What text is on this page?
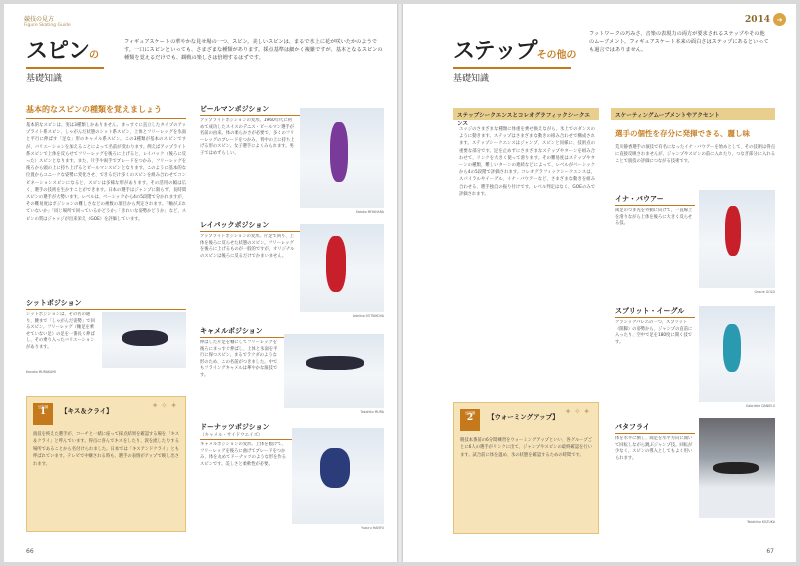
競技の見方
Figure Skating Guide
スピンの
基礎知識
フィギュアスケートの華やかな見せ場の一つ、スピン。美しいスピンは、まるで氷上に花が咲いたかのようです。一口にスピンといっても、さまざまな種類があります。採点基準は細かく複雑ですが、基本となるスピンの種類を覚えるだけでも、観戦の楽しさは倍増するはずです。
基本的なスピンの種類を覚えましょう
基本的なスピンは、実は3種類しかありません。まっすぐに直立したタイプのアップライト系スピン、しゃがんだ状態のシット系スピン、上体とフリーレッグを氷面と平行に伸ばす「足な」形のキャメル系スピン。この3種類が基本のスピンですが、バリエーションを加えることによって名前が変わります。例えばアップライト系スピンで上体を反らせてフリーレッグを後ろに上げると、レイバック（後ろに反った）スピンとなります。また、片手や両手でブレードをつかみ、フリーレッグを後ろから頭の上に持ち上げるとビールマンスピンとなります。このように基本的な位置からユニークな姿勢に変化させ、できるだけ多くのスピンを組み合わせてコンビネーションスピンになると、スピンは多様な形があります。その活用の幅は広く、選手の技術を生かすことができます。日本の選手はジャンプに限らず、長時間スピンの選手が大勢います。レベルは、ベーシックから4の5段階で分かれますが、その難易度はポジションの難しさなどの複数の項目から判定されます。「軸がぶれていないか」「同じ場所で回っているかどうか」「きれいな姿勢かどうか」など、スピンの質はジャッジが出来栄え（GOE）を評価しています。
シットポジション
シットポジションは、その名の通り、腰まで「しゃがんだ姿勢」で回るスピン。フリーレッグ（軸足を乗せていない足）の足を一番長く伸ばし、その乗り入ったバリエーションがあります。
Kanako MURAKAMI
✦ ✧ ✦
豆知識
1	【キス＆クライ】
演技を終えた選手が、コーチと一緒に座って採点結果を確認する場を「キス＆クライ」と呼んでいます。得点に喜んでキスをしたり、涙を流したりする場所であることから名付けられました。日本では「キスアンドクライ」とも呼ばれています。テレビで中継される時も、選手の表情がアップで映し出されます。
ビールマンポジション
アップライトポジションの変形。1960年代に初めて成功したスイスのデニス・ビールマン選手が名前の由来。体の柔らかさが必要で、多くのフリーレッグのブレードをつかみ、背中の上に持ち上げる形のスピン。女子選手によくみられます。男子ではめずらしい。
Satoko MIYAHARA
レイバックポジション
アップライトポジションの変形。片足で回り、上体を後ろに反らせた状態のスピン。フリーレッグを後ろに上げるものが一般的ですが、オリジナルのスピンは後ろに反るだけでかまいません。
Adelina SOTNIKOVA
キャメルポジション
伸ばした片足を軸にしてフリーレッグを後ろにまっすぐ伸ばし、上体と氷面を平行に保つスピン。まるでラクダのような形のため、この名前がつきました。中でもフライングキャメルは華やかな演技です。
Takahito MURA
ドーナッツポジション
（キャメル・サイドウエイズ）
キャメルポジションの変形。上体を傾けて、フリーレッグを後ろに曲げてブレードをつかみ、体を丸めてドーナッツのような形を作るスピンです。美しさと柔軟性が必要。
Yuzuru HANYU
66
2014 ➔
ステップその他の
基礎知識
フットワークの巧みさ、音楽の表現力の両方が要求されるステップやその他のムーブメント。フィギュアスケート本来の面白さはステップにあるといっても過言ではありません。
ステップシークエンスとコレオグラフィックシークエンス
エッジのさまざまな種類に体重を乗せ換えながら、氷上でのダンスのように動きます。ステップはさまざまな動きの組み合わせで構成されます。ステップシークエンスはジャンプ、スピンと同様に、技術点の重要な部分です。足を止めずにさまざまなステップやターンを組み合わせて、リンクを大きく使って滑ります。その難易度はステップやターンの種類、難しいターンの連続などによって、レベルがベーシックから4の5段階で評価されます。コレオグラフィックシークエンスは、スパイラルやイーグル、イナ・バウアーなど、さまざまな動きを組み合わせる、選手独自の振り付けです。レベル判定はなく、GOEのみで評価されます。
✦ ✧ ✦
豆知識
2	【ウォーミングアップ】
競技本番前の6分間練習をウォーミングアップといい、各グループごとに6人の選手がリンクに出て、ジャンプやスピンの最終確認を行います。試合前に体を温め、氷の状態を確認するための時間です。
スケーティングムーブメントやアクセント
選手の個性を存分に発揮できる、麗し味
荒川静香選手の演技で有名になったイナ・バウアーを始めとして、その技術は得点に直接反映されませんが、ジャンプやスピンの前に入れたり、つなぎ部分に入れることで演技の評価につながる技術です。
イナ・バウアー
両足のつま先を外側に向けて、一直線上を滑りながら上体を後ろに大きく反らせる技。
Gracie GOLD
スプリット・イーグル
クラシックバレエの一つ、スプリット（開脚）の姿勢から、ジャンプの直前に入ったり、空中で足を180度に開く技です。
Gabrielle DANIELS
バタフライ
体を水平に倒し、両足を水平方向に開いて回転しながら跳ぶジャンプ技。回転が少なく、スピンの導入としてもよく用いられます。
Takahiko KOZUKA
67
